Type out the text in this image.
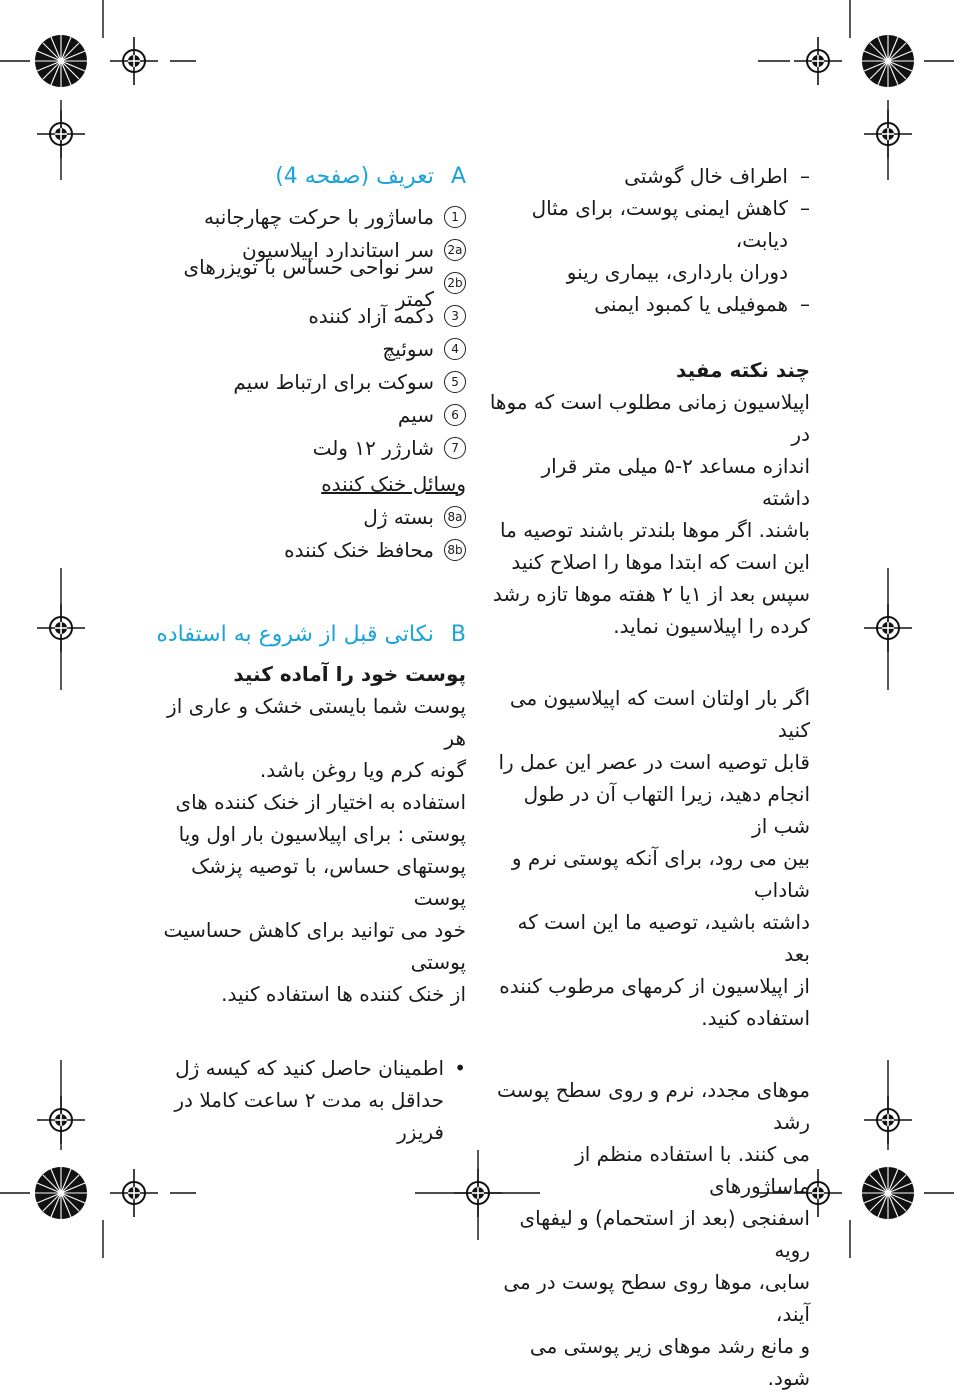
A تعریف (صفحه 4)
1
ماساژور با حرکت چهارجانبه
2a
سر استاندارد اپیلاسیون
2b
سر نواحی حساس با تویزرهای کمتر
3
دکمه آزاد کننده
4
سوئیچ
5
سوکت برای ارتباط سیم
6
سیم
7
شارژر ۱۲ ولت
وسائل خنک کننده
8a
بسته ژل
8b
محافظ خنک کننده
B نکاتی قبل از شروع به استفاده

پوست خود را آماده کنید

پوست شما بایستی خشک و عاری از هر

گونه کرم ویا روغن باشد.

استفاده به اختیار از خنک کننده های

پوستی : برای اپیلاسیون بار اول ویا

پوستهای حساس، با توصیه پزشک پوست

خود می توانید برای کاهش حساسیت پوستی

از خنک کننده ها استفاده کنید.

•
اطمینان حاصل کنید که کیسه ژل

حداقل به مدت ۲ ساعت کاملا در فریزر

–
اطراف خال گوشتی
–
کاهش ایمنی پوست، برای مثال دیابت،

دوران بارداری، بیماری رینو

–
هموفیلی یا کمبود ایمنی

چند نکته مفید

اپیلاسیون زمانی مطلوب است که موها در

اندازه مساعد ۲-۵ میلی متر قرار داشته

باشند. اگر موها بلندتر باشند توصیه ما

این است که ابتدا موها را اصلاح کنید

سپس بعد از ۱یا ۲ هفته موها تازه رشد

کرده را اپیلاسیون نماید.

اگر بار اولتان است که اپیلاسیون می کنید

قابل توصیه است در عصر این عمل را

انجام دهید، زیرا التهاب آن در طول شب از

بین می رود، برای آنکه پوستی نرم و شاداب

داشته باشید، توصیه ما این است که بعد

از اپیلاسیون از کرمهای مرطوب کننده

استفاده کنید.

موهای مجدد، نرم و روی سطح پوست رشد

می کنند. با استفاده منظم از ماساژورهای

اسفنجی (بعد از استحمام) و لیفهای رویه

سابی، موها روی سطح پوست در می آیند،

و مانع رشد موهای زیر پوستی می شود.
